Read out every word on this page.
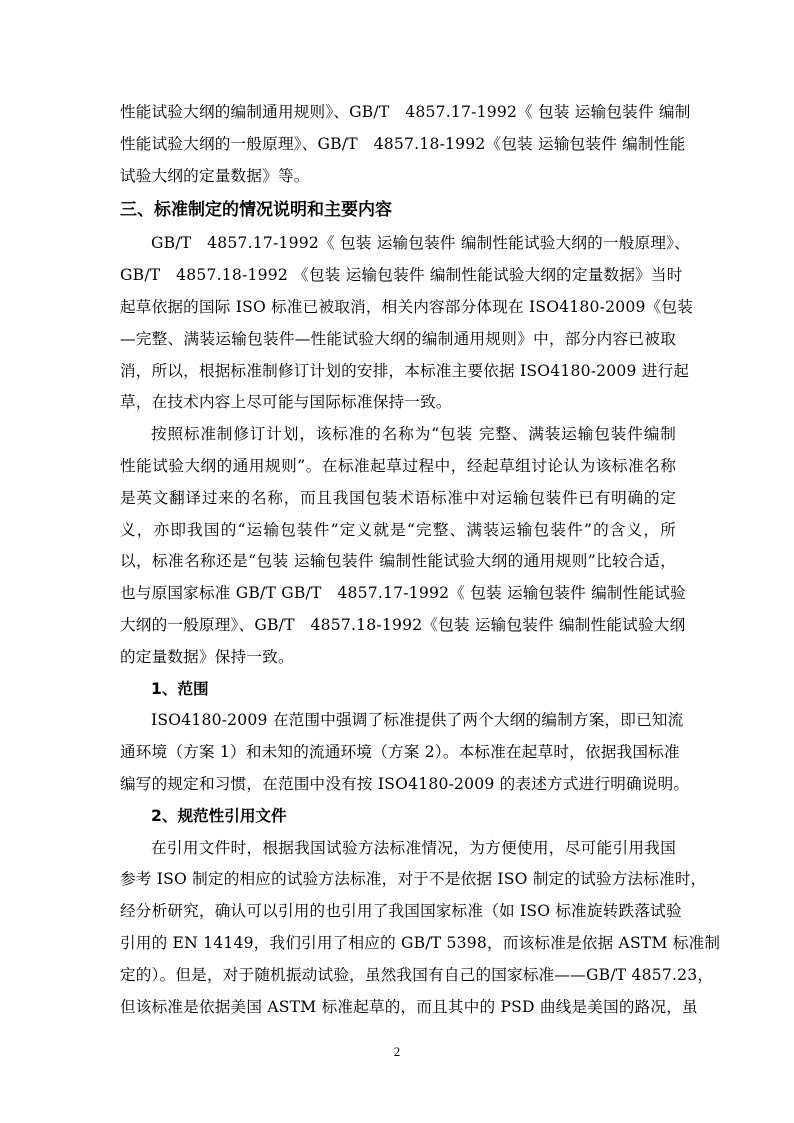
性能试验大纲的编制通用规则》、GB/T　4857.17-1992《 包装 运输包装件 编制
性能试验大纲的一般原理》、GB/T　4857.18-1992《包装 运输包装件 编制性能
试验大纲的定量数据》等。
三、标准制定的情况说明和主要内容
GB/T　4857.17-1992《 包装 运输包装件 编制性能试验大纲的一般原理》、
GB/T　4857.18-1992 《包装 运输包装件 编制性能试验大纲的定量数据》当时
起草依据的国际 ISO 标准已被取消，相关内容部分体现在 ISO4180-2009《包装
—完整、满装运输包装件—性能试验大纲的编制通用规则》中，部分内容已被取
消，所以，根据标准制修订计划的安排，本标准主要依据 ISO4180-2009 进行起
草，在技术内容上尽可能与国际标准保持一致。
按照标准制修订计划，该标准的名称为“包装 完整、满装运输包装件编制
性能试验大纲的通用规则”。在标准起草过程中，经起草组讨论认为该标准名称
是英文翻译过来的名称，而且我国包装术语标准中对运输包装件已有明确的定
义，亦即我国的“运输包装件”定义就是“完整、满装运输包装件”的含义，所
以，标准名称还是“包装 运输包装件 编制性能试验大纲的通用规则”比较合适，
也与原国家标准 GB/T GB/T　4857.17-1992《 包装 运输包装件 编制性能试验
大纲的一般原理》、GB/T　4857.18-1992《包装 运输包装件 编制性能试验大纲
的定量数据》保持一致。
1、范围
ISO4180-2009 在范围中强调了标准提供了两个大纲的编制方案，即已知流
通环境（方案 1）和未知的流通环境（方案 2）。本标准在起草时，依据我国标准
编写的规定和习惯，在范围中没有按 ISO4180-2009 的表述方式进行明确说明。
2、规范性引用文件
在引用文件时，根据我国试验方法标准情况，为方便使用，尽可能引用我国
参考 ISO 制定的相应的试验方法标准，对于不是依据 ISO 制定的试验方法标准时，
经分析研究，确认可以引用的也引用了我国国家标准（如 ISO 标准旋转跌落试验
引用的 EN 14149，我们引用了相应的 GB/T 5398，而该标准是依据 ASTM 标准制
定的）。但是，对于随机振动试验，虽然我国有自己的国家标准——GB/T 4857.23，
但该标准是依据美国 ASTM 标准起草的，而且其中的 PSD 曲线是美国的路况，虽
2
